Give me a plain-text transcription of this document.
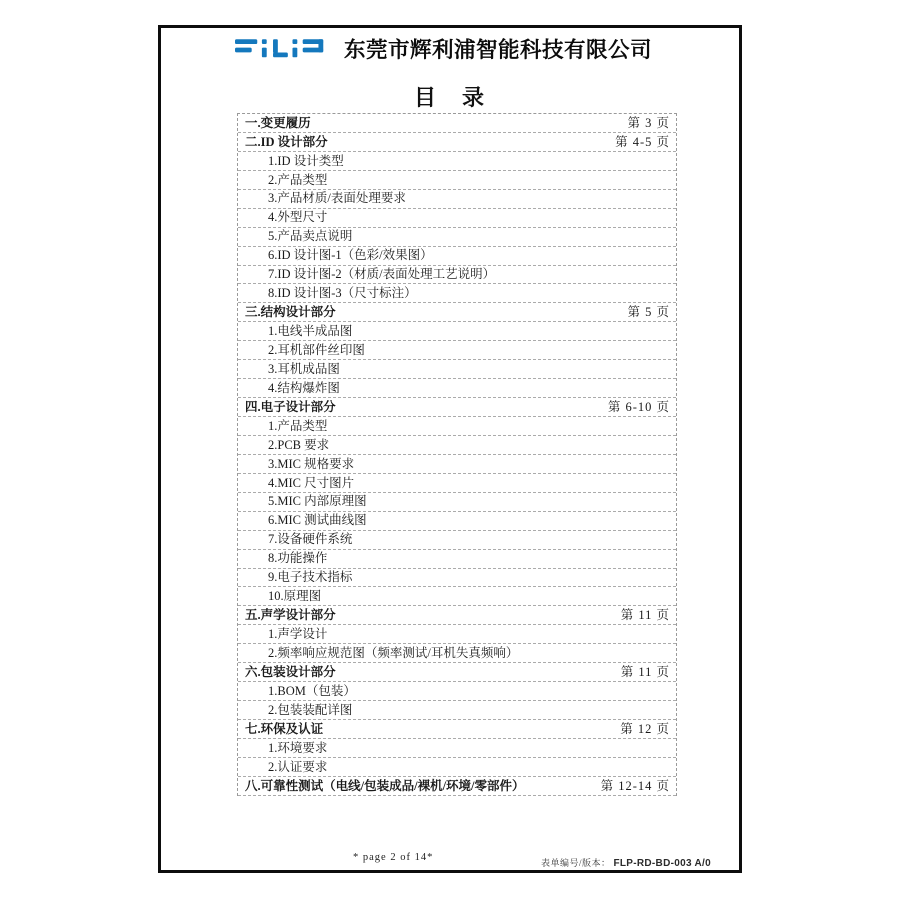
东莞市辉利浦智能科技有限公司
目　录
一.变更履历	第 3 页
二.ID 设计部分	第 4-5 页
1.ID 设计类型
2.产品类型
3.产品材质/表面处理要求
4.外型尺寸
5.产品卖点说明
6.ID 设计图-1（色彩/效果图）
7.ID 设计图-2（材质/表面处理工艺说明）
8.ID 设计图-3（尺寸标注）
三.结构设计部分	第 5 页
1.电线半成品图
2.耳机部件丝印图
3.耳机成品图
4.结构爆炸图
四.电子设计部分	第 6-10 页
1.产品类型
2.PCB 要求
3.MIC 规格要求
4.MIC 尺寸图片
5.MIC 内部原理图
6.MIC 测试曲线图
7.设备硬件系统
8.功能操作
9.电子技术指标
10.原理图
五.声学设计部分	第 11 页
1.声学设计
2.频率响应规范图（频率测试/耳机失真频响）
六.包装设计部分	第 11 页
1.BOM（包装）
2.包装装配详图
七.环保及认证	第 12 页
1.环境要求
2.认证要求
八.可靠性测试（电线/包装成品/裸机/环境/零部件）	第 12-14 页
* page 2 of 14*	表单编号/版本： FLP-RD-BD-003 A/0
